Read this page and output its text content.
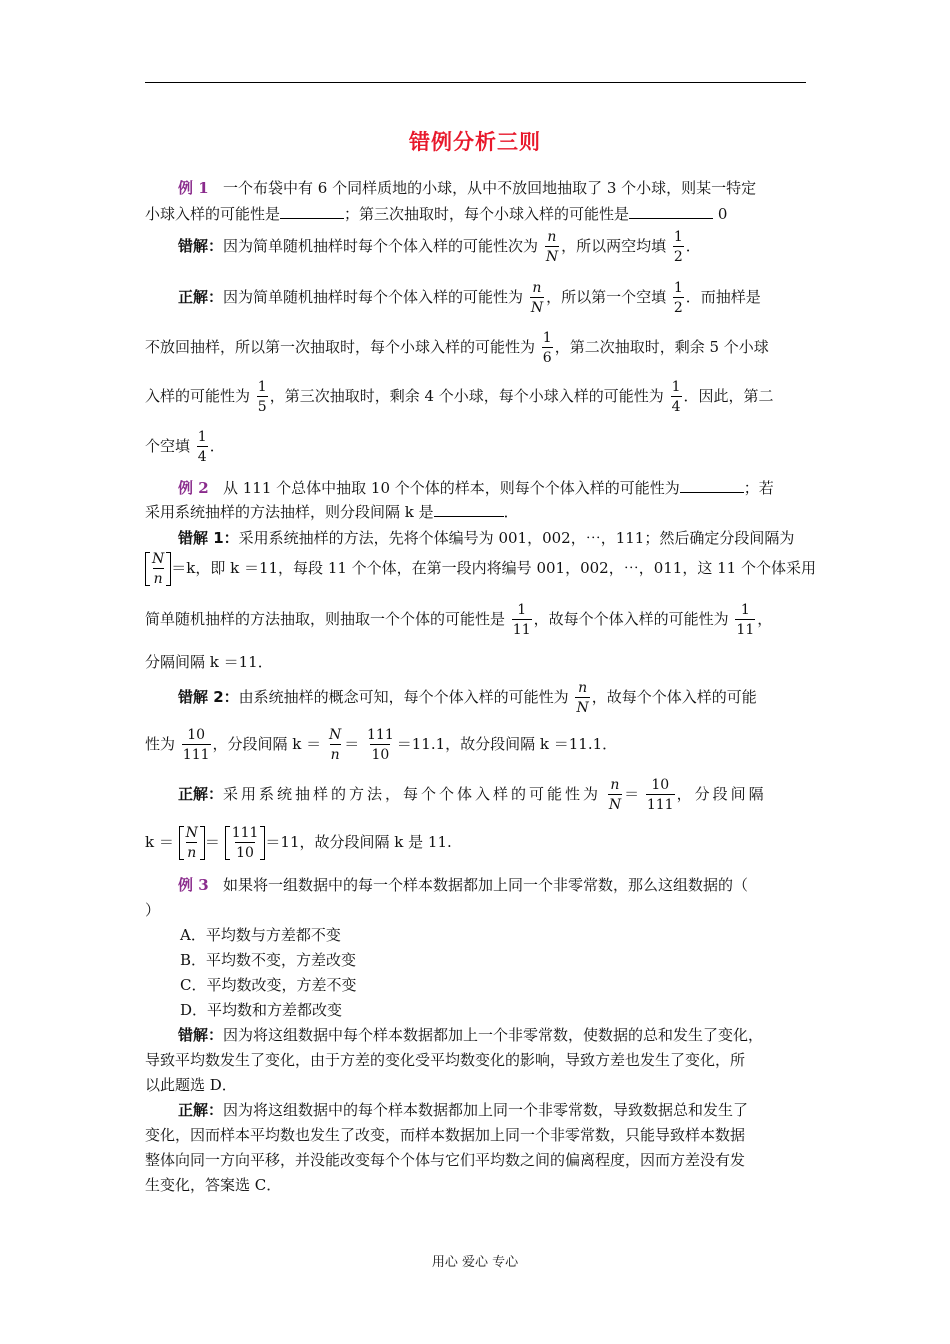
错例分析三则
例 1 一个布袋中有 6 个同样质地的小球，从中不放回地抽取了 3 个小球，则某一特定
小球入样的可能性是	；第三次抽取时，每个小球入样的可能性是	0
错解：因为简单随机抽样时每个个体入样的可能性次为 $\frac{n}{N}$ ，所以两空均填 $\frac{1}{2}$ ．
正解：因为简单随机抽样时每个个体入样的可能性为 $\frac{n}{N}$ ，所以第一个空填 $\frac{1}{2}$ ．而抽样是
不放回抽样，所以第一次抽取时，每个小球入样的可能性为 $\frac{1}{6}$ ，第二次抽取时，剩余 5 个小球
入样的可能性为 $\frac{1}{5}$ ，第三次抽取时，剩余 4 个小球，每个小球入样的可能性为 $\frac{1}{4}$ ．因此，第二
个空填 $\frac{1}{4}$ ．
例 2 从 111 个总体中抽取 10 个个体的样本，则每个个体入样的可能性为	；若
采用系统抽样的方法抽样，则分段间隔 k 是	．
错解 1：采用系统抽样的方法，先将个体编号为 001，002，⋯，111；然后确定分段间隔为
$\frac{N}{n} =k$，即 k ＝11，每段 11 个个体，在第一段内将编号 001，002，⋯，011，这 11 个个体采用
简单随机抽样的方法抽取，则抽取一个个体的可能性是 $\frac{1}{11}$ ，故每个个体入样的可能性为 $\frac{1}{11}$ ，
分隔间隔 k ＝11．
错解 2：由系统抽样的概念可知，每个个体入样的可能性为 $\frac{n}{N}$ ，故每个个体入样的可能
性为 $\frac{10}{111}$ ，分段间隔 $k = \frac{N}{n} = \frac{111}{10} =11.1$，故分段间隔 k ＝11.1．
正解：采用系统抽样的方法，每个个体入样的可能性为 $\frac{n}{N} = \frac{10}{111}$ ，分段间隔
$k = \frac{N}{n} = \frac{111}{10} =11$，故分段间隔 k 是 11.
例 3 如果将一组数据中的每一个样本数据都加上同一个非零常数，那么这组数据的（
）
A．平均数与方差都不变
B．平均数不变，方差改变
C．平均数改变，方差不变
D．平均数和方差都改变
错解：因为将这组数据中每个样本数据都加上一个非零常数，使数据的总和发生了变化，
导致平均数发生了变化，由于方差的变化受平均数变化的影响，导致方差也发生了变化，所
以此题选 D．
正解：因为将这组数据中的每个样本数据都加上同一个非零常数，导致数据总和发生了
变化，因而样本平均数也发生了改变，而样本数据加上同一个非零常数，只能导致样本数据
整体向同一方向平移，并没能改变每个个体与它们平均数之间的偏离程度，因而方差没有发
生变化，答案选 C．
用心 爱心 专心
